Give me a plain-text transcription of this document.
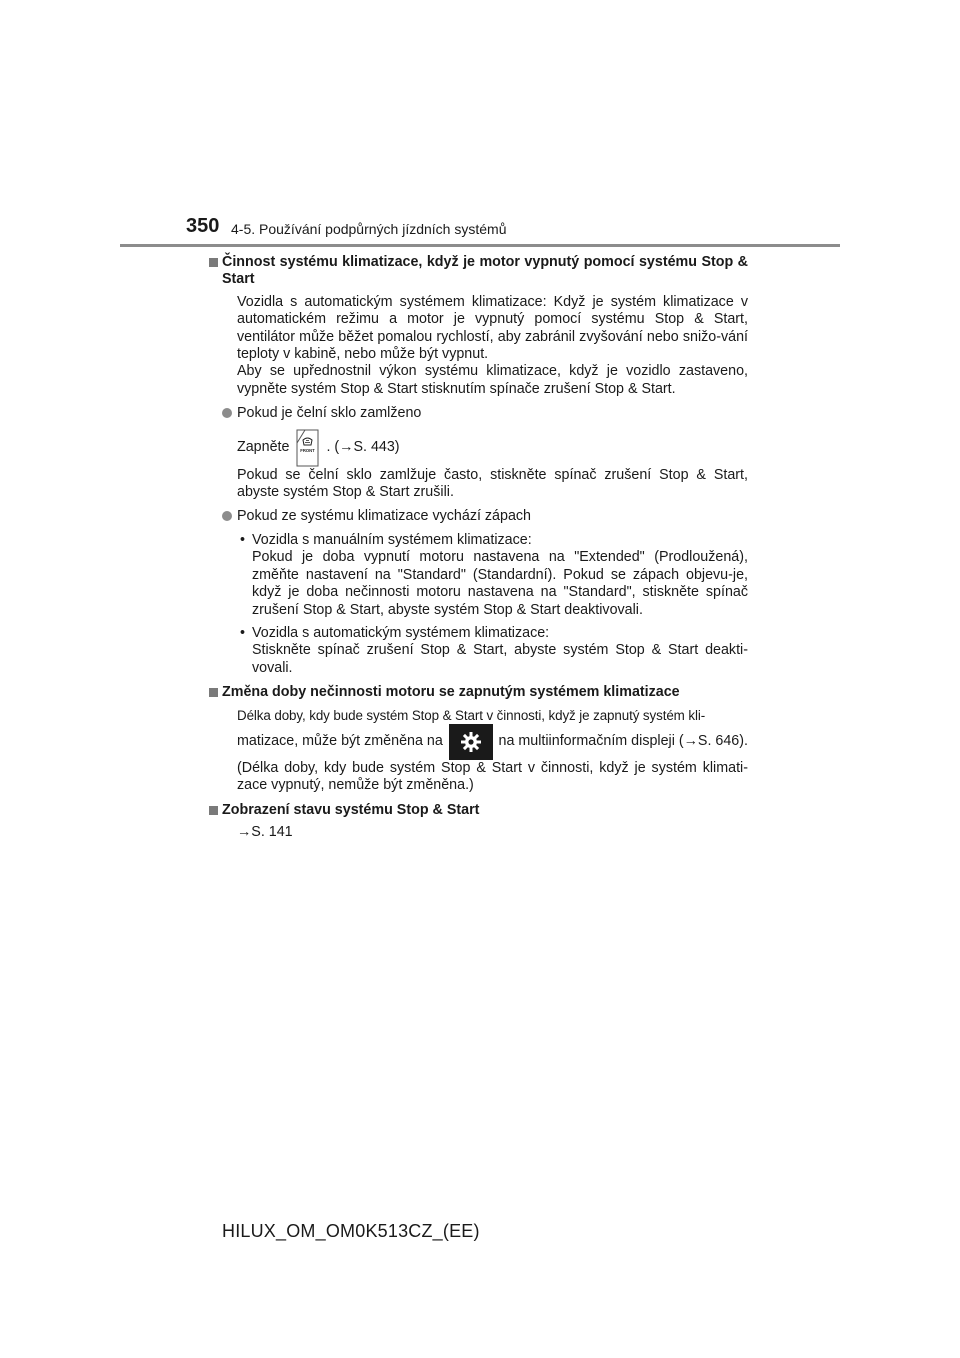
350 4-5. Používání podpůrných jízdních systémů
Činnost systému klimatizace, když je motor vypnutý pomocí systému Stop & Start

Vozidla s automatickým systémem klimatizace: Když je systém klimatizace v automatickém režimu a motor je vypnutý pomocí systému Stop & Start, ventilátor může běžet pomalou rychlostí, aby zabránil zvyšování nebo snižo-vání teploty v kabině, nebo může být vypnut.

Aby se upřednostnil výkon systému klimatizace, když je vozidlo zastaveno, vypněte systém Stop & Start stisknutím spínače zrušení Stop & Start.

Pokud je čelní sklo zamlženo
Zapněte	FRONT . (→S. 443)

Pokud se čelní sklo zamlžuje často, stiskněte spínač zrušení Stop & Start, abyste systém Stop & Start zrušili.

Pokud ze systému klimatizace vychází zápach
• Vozidla s manuálním systémem klimatizace:

Pokud je doba vypnutí motoru nastavena na "Extended" (Prodloužená), změňte nastavení na "Standard" (Standardní). Pokud se zápach objevu-je, když je doba nečinnosti motoru nastavena na "Standard", stiskněte spínač zrušení Stop & Start, abyste systém Stop & Start deaktivovali.

• Vozidla s automatickým systémem klimatizace:

Stiskněte spínač zrušení Stop & Start, abyste systém Stop & Start deakti-vovali.

Změna doby nečinnosti motoru se zapnutým systémem klimatizace

Délka doby, kdy bude systém Stop & Start v činnosti, když je zapnutý systém kli-

matizace, může být změněna na	na multiinformačním displeji (→S. 646).

(Délka doby, kdy bude systém Stop & Start v činnosti, když je systém klimati-zace vypnutý, nemůže být změněna.)

Zobrazení stavu systému Stop & Start

→S. 141

HILUX_OM_OM0K513CZ_(EE)
